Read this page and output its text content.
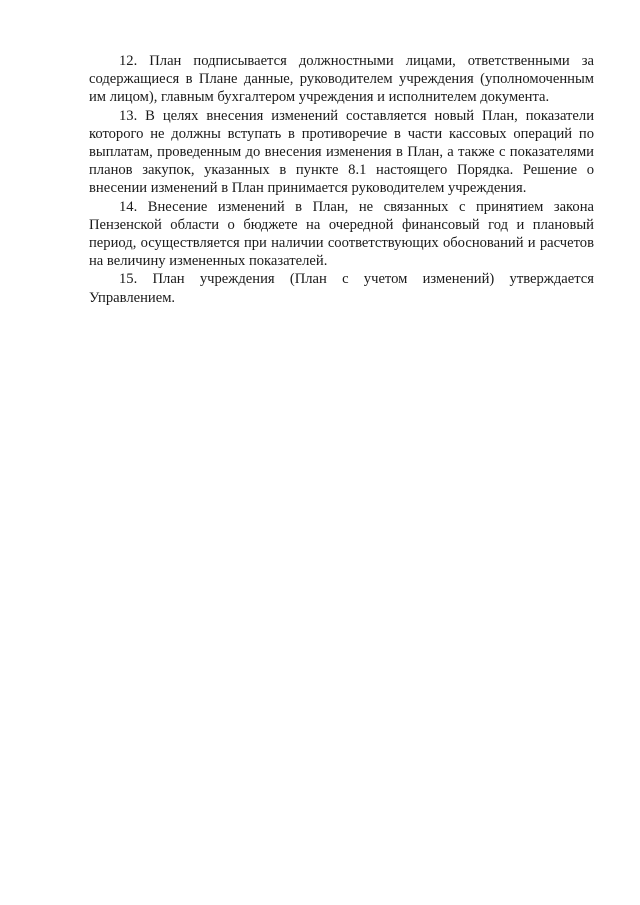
12. План подписывается должностными лицами, ответственными за содержащиеся в Плане данные, руководителем учреждения (уполномоченным им лицом), главным бухгалтером учреждения и исполнителем документа.

13. В целях внесения изменений составляется новый План, показатели которого не должны вступать в противоречие в части кассовых операций по выплатам, проведенным до внесения изменения в План, а также с показателями планов закупок, указанных в пункте 8.1 настоящего Порядка. Решение о внесении изменений в План принимается руководителем учреждения.

14. Внесение изменений в План, не связанных с принятием закона Пензенской области о бюджете на очередной финансовый год и плановый период, осуществляется при наличии соответствующих обоснований и расчетов на величину измененных показателей.

15. План учреждения (План с учетом изменений) утверждается Управлением.
